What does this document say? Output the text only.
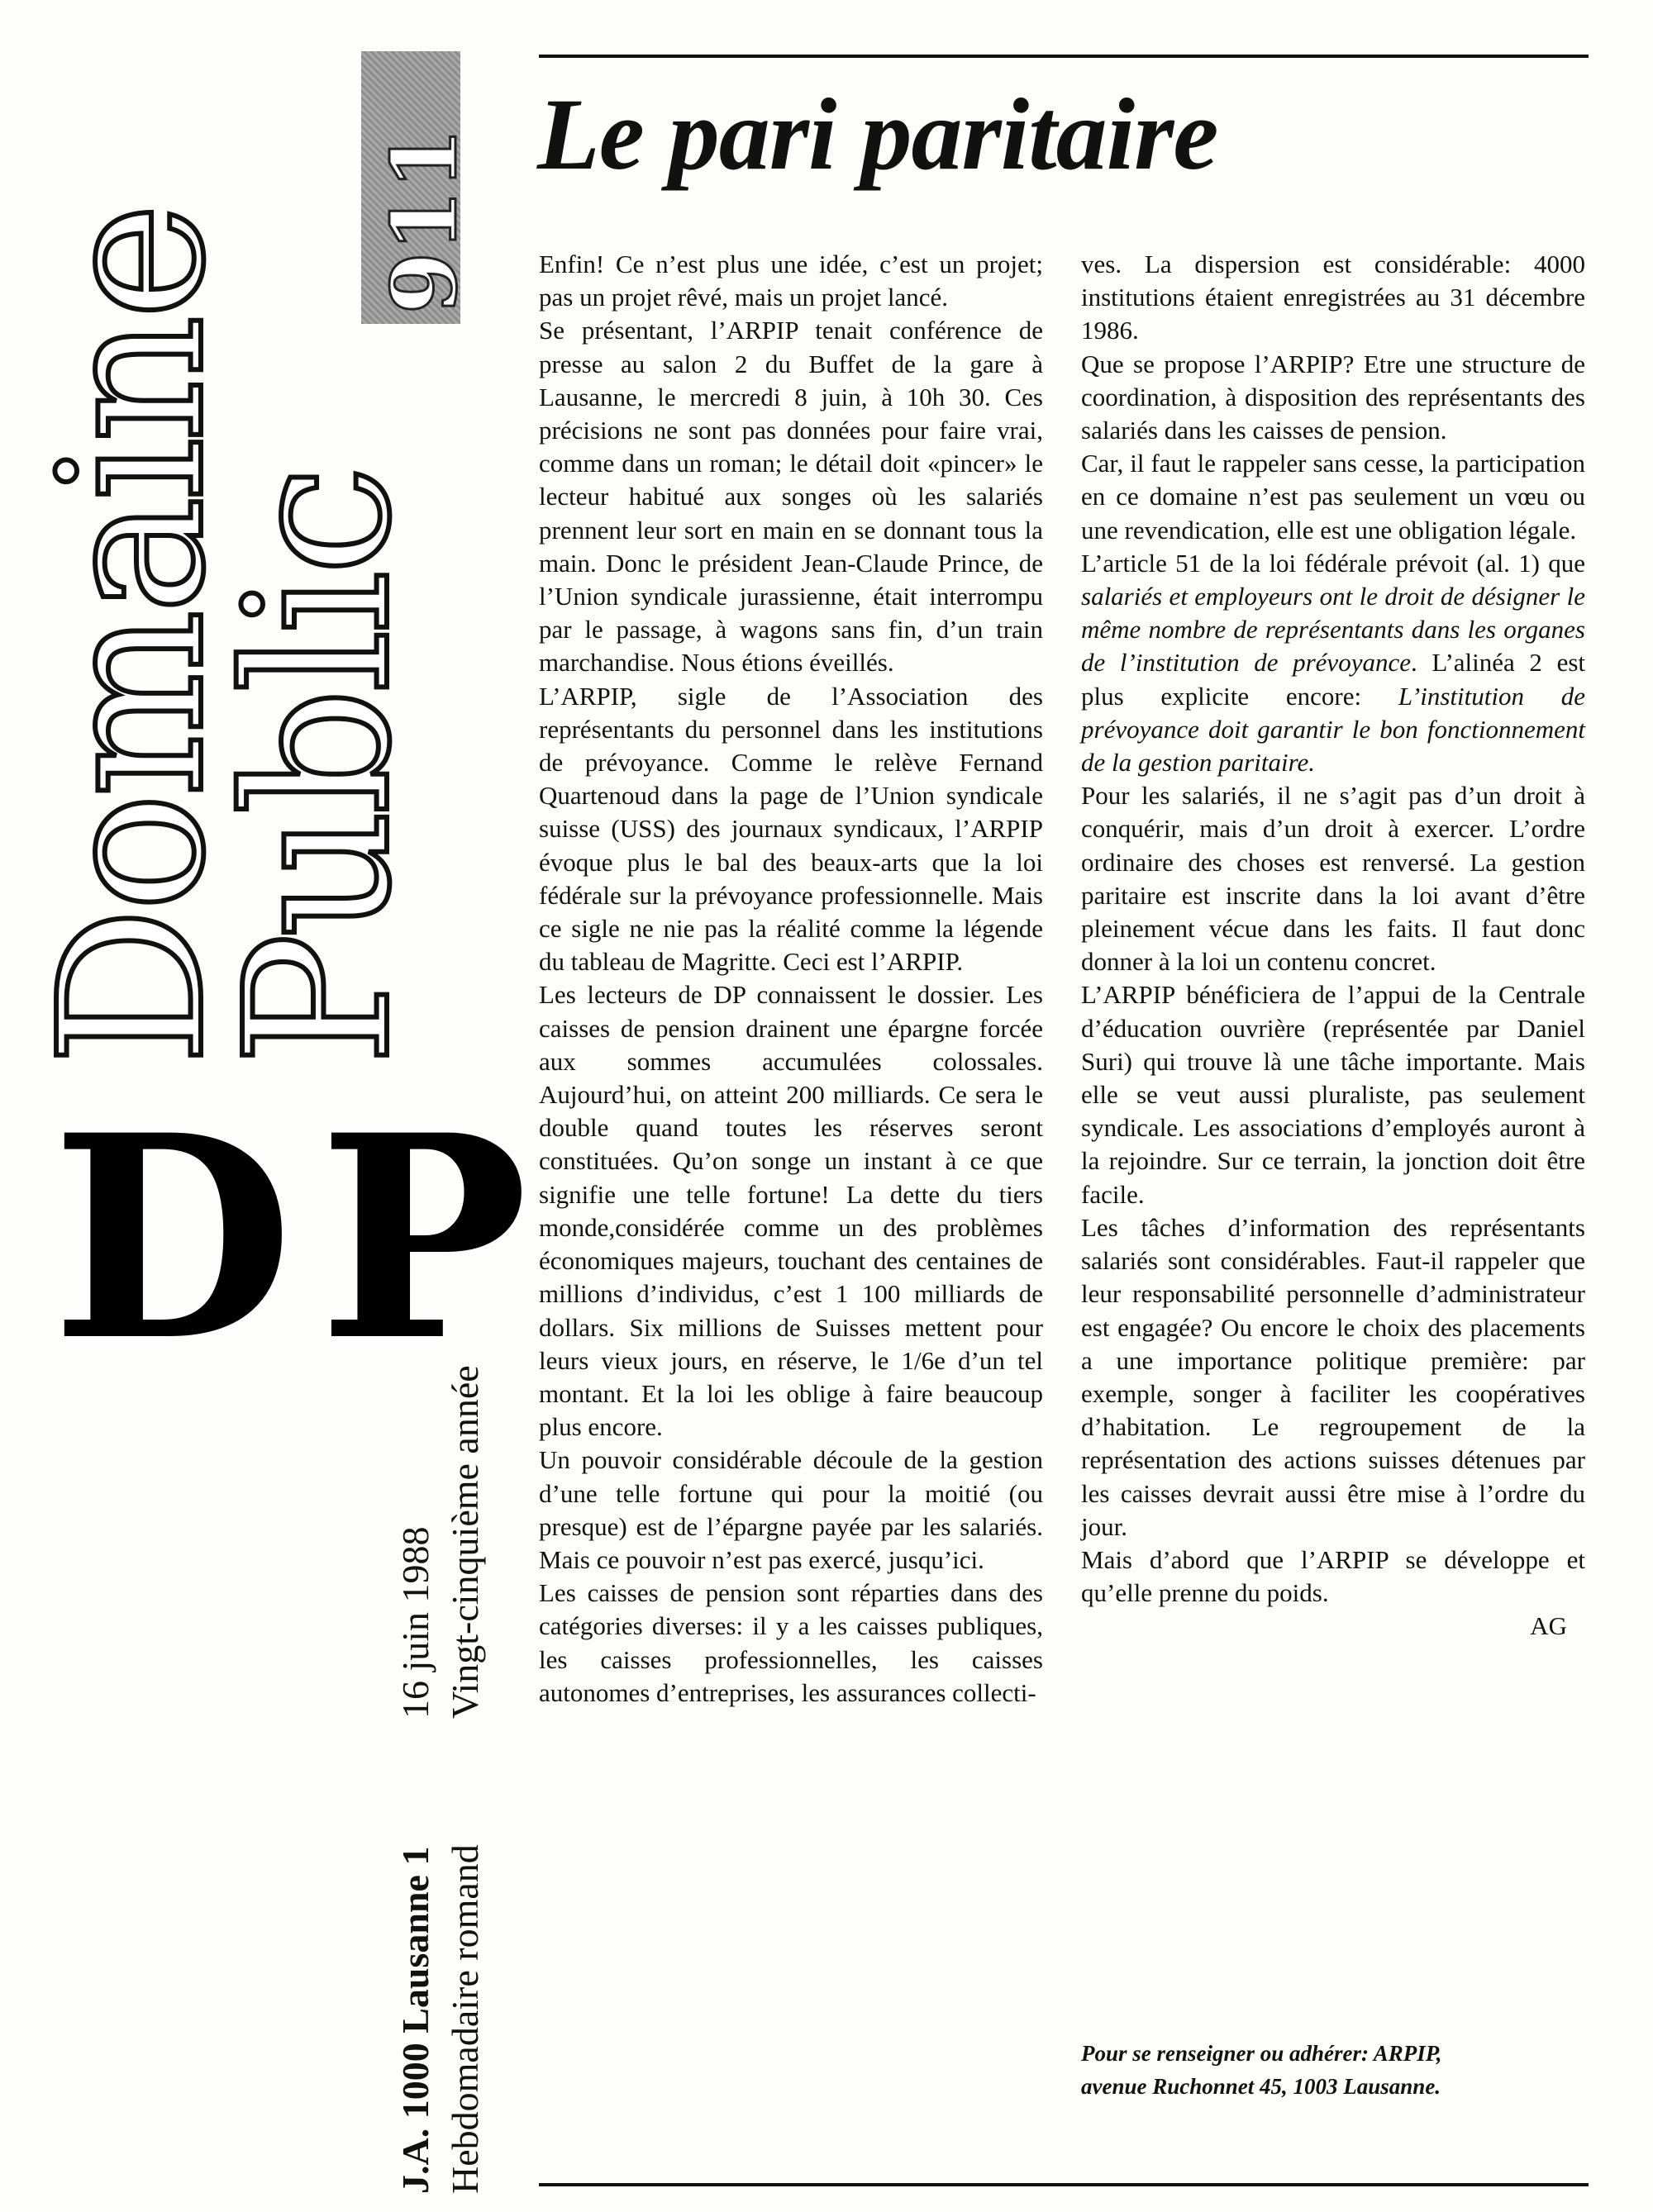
Domaine
Public
911
DP
J.A. 1000 Lausanne 1 Hebdomadaire romand
16 juin 1988 Vingt-cinquième année
Le pari paritaire

Enfin! Ce n’est plus une idée, c’est un projet; pas un projet rêvé, mais un projet lancé.

Se présentant, l’ARPIP tenait conférence de presse au salon 2 du Buffet de la gare à Lausanne, le mercredi 8 juin, à 10h 30. Ces précisions ne sont pas données pour faire vrai, comme dans un roman; le détail doit «pincer» le lecteur habitué aux songes où les salariés prennent leur sort en main en se donnant tous la main. Donc le président Jean-Claude Prince, de l’Union syndicale jurassienne, était interrompu par le passage, à wagons sans fin, d’un train marchandise. Nous étions éveillés.

L’ARPIP, sigle de l’Association des représentants du personnel dans les institutions de prévoyance. Comme le relève Fernand Quartenoud dans la page de l’Union syndicale suisse (USS) des journaux syndicaux, l’ARPIP évoque plus le bal des beaux-arts que la loi fédérale sur la prévoyance professionnelle. Mais ce sigle ne nie pas la réalité comme la légende du tableau de Magritte. Ceci est l’ARPIP.

Les lecteurs de DP connaissent le dossier. Les caisses de pension drainent une épargne forcée aux sommes accumulées colossales. Aujourd’hui, on atteint 200 milliards. Ce sera le double quand toutes les réserves seront constituées. Qu’on songe un instant à ce que signifie une telle fortune! La dette du tiers monde,considérée comme un des problèmes économiques majeurs, touchant des centaines de millions d’individus, c’est 1 100 milliards de dollars. Six millions de Suisses mettent pour leurs vieux jours, en réserve, le 1/6e d’un tel montant. Et la loi les oblige à faire beaucoup plus encore.

Un pouvoir considérable découle de la gestion d’une telle fortune qui pour la moitié (ou presque) est de l’épargne payée par les salariés. Mais ce pouvoir n’est pas exercé, jusqu’ici.

Les caisses de pension sont réparties dans des catégories diverses: il y a les caisses publiques, les caisses professionnelles, les caisses autonomes d’entreprises, les assurances collecti-

ves. La dispersion est considérable: 4000 institutions étaient enregistrées au 31 décembre 1986.

Que se propose l’ARPIP? Etre une structure de coordination, à disposition des représentants des salariés dans les caisses de pension.

Car, il faut le rappeler sans cesse, la participation en ce domaine n’est pas seulement un vœu ou une revendication, elle est une obligation légale.

L’article 51 de la loi fédérale prévoit (al. 1) que salariés et employeurs ont le droit de désigner le même nombre de représentants dans les organes de l’institution de prévoyance. L’alinéa 2 est plus explicite encore: L’institution de prévoyance doit garantir le bon fonctionnement de la gestion paritaire.

Pour les salariés, il ne s’agit pas d’un droit à conquérir, mais d’un droit à exercer. L’ordre ordinaire des choses est renversé. La gestion paritaire est inscrite dans la loi avant d’être pleinement vécue dans les faits. Il faut donc donner à la loi un contenu concret.

L’ARPIP bénéficiera de l’appui de la Centrale d’éducation ouvrière (représentée par Daniel Suri) qui trouve là une tâche importante. Mais elle se veut aussi pluraliste, pas seulement syndicale. Les associations d’employés auront à la rejoindre. Sur ce terrain, la jonction doit être facile.

Les tâches d’information des représentants salariés sont considérables. Faut-il rappeler que leur responsabilité personnelle d’administrateur est engagée? Ou encore le choix des placements a une importance politique première: par exemple, songer à faciliter les coopératives d’habitation. Le regroupement de la représentation des actions suisses détenues par les caisses devrait aussi être mise à l’ordre du jour.

Mais d’abord que l’ARPIP se développe et qu’elle prenne du poids.

AG

Pour se renseigner ou adhérer: ARPIP,
avenue Ruchonnet 45, 1003 Lausanne.
